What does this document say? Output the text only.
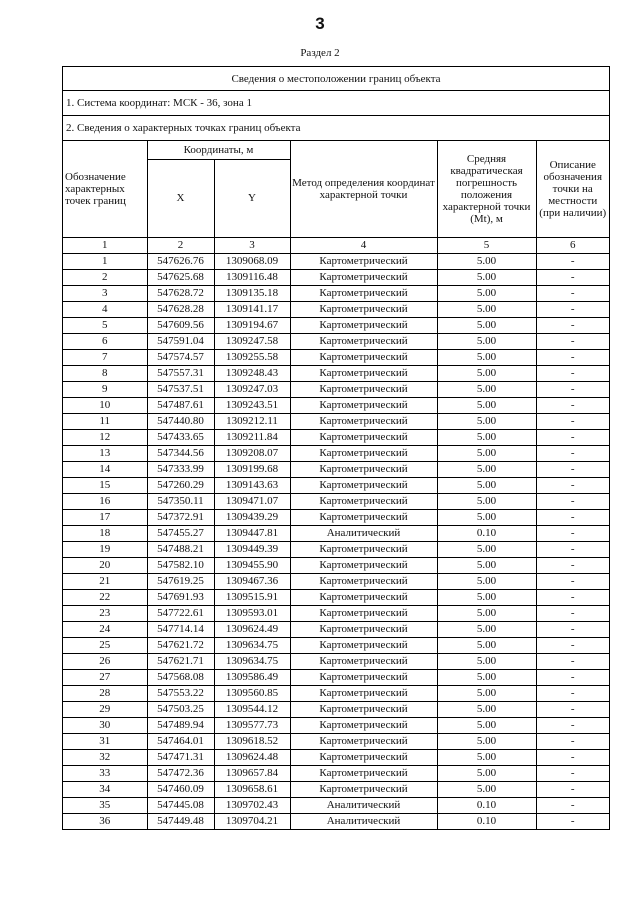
3
Раздел 2
Сведения о местоположении границ объекта
1. Система координат: МСК - 36, зона 1
2. Сведения о характерных точках границ объекта
Обозначение характерных точек границ	Координаты, м		Метод определения координат характерной точки	Средняя квадратическая погрешность положения характерной точки (Mt), м	Описание обозначения точки на местности (при наличии)
	X	Y			
1	2	3	4	5	6
1	547626.76	1309068.09	Картометрический	5.00	-
2	547625.68	1309116.48	Картометрический	5.00	-
3	547628.72	1309135.18	Картометрический	5.00	-
4	547628.28	1309141.17	Картометрический	5.00	-
5	547609.56	1309194.67	Картометрический	5.00	-
6	547591.04	1309247.58	Картометрический	5.00	-
7	547574.57	1309255.58	Картометрический	5.00	-
8	547557.31	1309248.43	Картометрический	5.00	-
9	547537.51	1309247.03	Картометрический	5.00	-
10	547487.61	1309243.51	Картометрический	5.00	-
11	547440.80	1309212.11	Картометрический	5.00	-
12	547433.65	1309211.84	Картометрический	5.00	-
13	547344.56	1309208.07	Картометрический	5.00	-
14	547333.99	1309199.68	Картометрический	5.00	-
15	547260.29	1309143.63	Картометрический	5.00	-
16	547350.11	1309471.07	Картометрический	5.00	-
17	547372.91	1309439.29	Картометрический	5.00	-
18	547455.27	1309447.81	Аналитический	0.10	-
19	547488.21	1309449.39	Картометрический	5.00	-
20	547582.10	1309455.90	Картометрический	5.00	-
21	547619.25	1309467.36	Картометрический	5.00	-
22	547691.93	1309515.91	Картометрический	5.00	-
23	547722.61	1309593.01	Картометрический	5.00	-
24	547714.14	1309624.49	Картометрический	5.00	-
25	547621.72	1309634.75	Картометрический	5.00	-
26	547621.71	1309634.75	Картометрический	5.00	-
27	547568.08	1309586.49	Картометрический	5.00	-
28	547553.22	1309560.85	Картометрический	5.00	-
29	547503.25	1309544.12	Картометрический	5.00	-
30	547489.94	1309577.73	Картометрический	5.00	-
31	547464.01	1309618.52	Картометрический	5.00	-
32	547471.31	1309624.48	Картометрический	5.00	-
33	547472.36	1309657.84	Картометрический	5.00	-
34	547460.09	1309658.61	Картометрический	5.00	-
35	547445.08	1309702.43	Аналитический	0.10	-
36	547449.48	1309704.21	Аналитический	0.10	-
